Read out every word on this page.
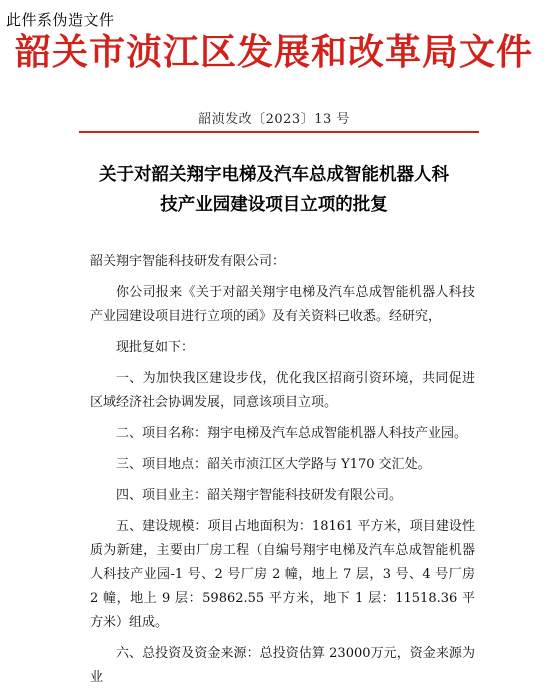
此件系伪造文件
韶关市浈江区发展和改革局文件
韶浈发改〔2023〕13 号
关于对韶关翔宇电梯及汽车总成智能机器人科
技产业园建设项目立项的批复

韶关翔宇智能科技研发有限公司：

你公司报来《关于对韶关翔宇电梯及汽车总成智能机器人科技产业园建设项目进行立项的函》及有关资料已收悉。经研究，

现批复如下：

一、为加快我区建设步伐，优化我区招商引资环境，共同促进区域经济社会协调发展，同意该项目立项。

二、项目名称：翔宇电梯及汽车总成智能机器人科技产业园。

三、项目地点：韶关市浈江区大学路与 Y170 交汇处。

四、项目业主：韶关翔宇智能科技研发有限公司。

五、建设规模：项目占地面积为：18161 平方米，项目建设性质为新建，主要由厂房工程（自编号翔宇电梯及汽车总成智能机器人科技产业园-1 号、2 号厂房 2 幢，地上 7 层，3 号、4 号厂房 2 幢，地上 9 层：59862.55 平方米，地下 1 层：11518.36 平方米）组成。

六、总投资及资金来源：总投资估算 23000万元，资金来源为业
